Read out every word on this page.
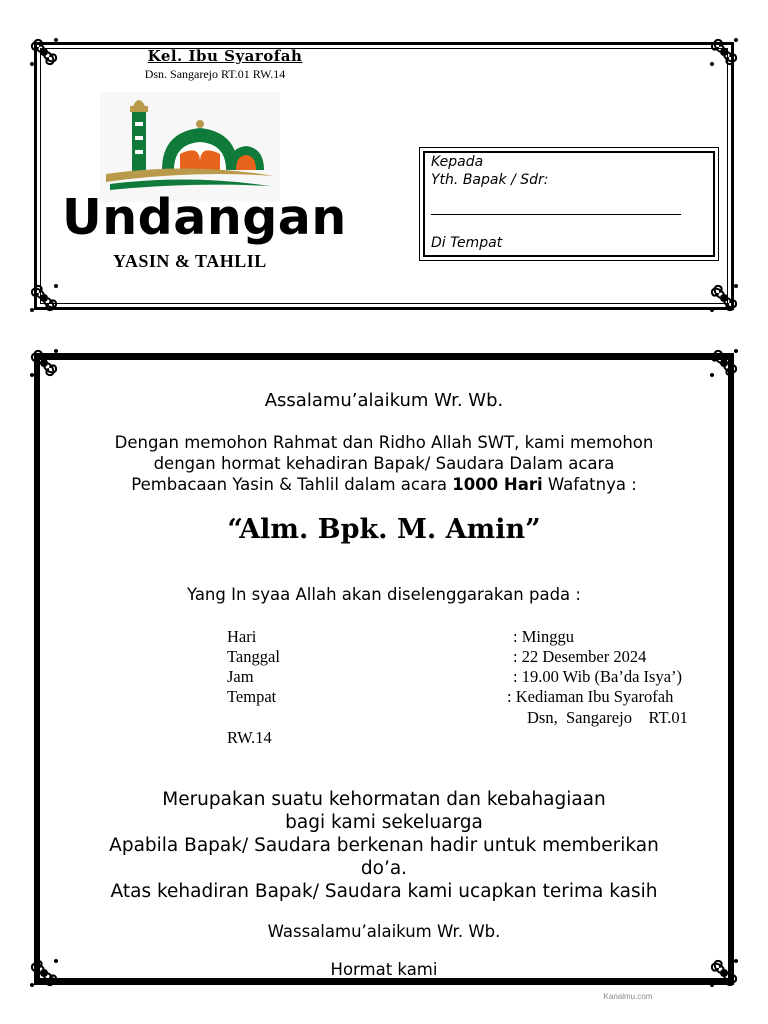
Kel. Ibu Syarofah
Dsn. Sangarejo RT.01 RW.14
Undangan
YASIN & TAHLIL
Kepada
Yth. Bapak / Sdr:
Di Tempat
Assalamu’alaikum Wr. Wb.
Dengan memohon Rahmat dan Ridho Allah SWT, kami memohon
dengan hormat kehadiran Bapak/ Saudara Dalam acara
Pembacaan Yasin & Tahlil dalam acara 1000 Hari Wafatnya :
“Alm. Bpk. M. Amin”
Yang In syaa Allah akan diselenggarakan pada :
Hari	: Minggu
Tanggal	: 22 Desember 2024
Jam	: 19.00 Wib (Ba’da Isya’)
Tempat	: Kediaman Ibu Syarofah
Dsn,  Sangarejo    RT.01
RW.14
Merupakan suatu kehormatan dan kebahagiaan
bagi kami sekeluarga
Apabila Bapak/ Saudara berkenan hadir untuk memberikan
do’a.
Atas kehadiran Bapak/ Saudara kami ucapkan terima kasih
Wassalamu’alaikum Wr. Wb.
Hormat kami
Kanalmu.com
